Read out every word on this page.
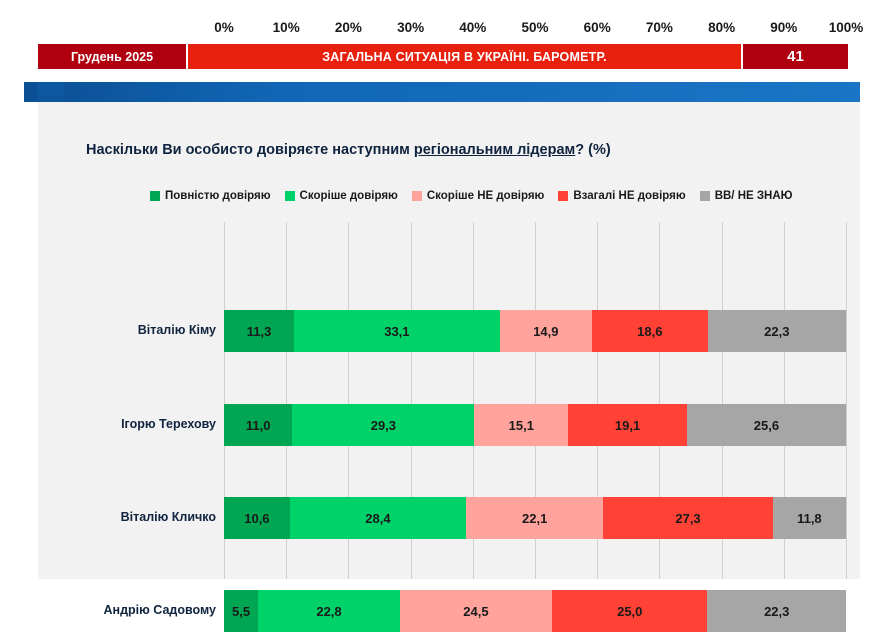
0%	10%	20%	30%	40%	50%	60%	70%	80%	90% 100%
Грудень 2025	ЗАГАЛЬНА СИТУАЦІЯ В УКРАЇНІ. БАРОМЕТР.	41
Наскільки Ви особисто довіряєте наступним регіональним лідерам? (%)
Повністю довіряю	Скоріше довіряю	Скоріше НЕ довіряю	Взагалі НЕ довіряю	ВВ/ НЕ ЗНАЮ
Віталію Кіму	11,3	33,1	14,9	18,6	22,3
Ігорю Терехову	11,0	29,3	15,1	19,1	25,6
Віталію Кличко	10,6	28,4	22,1	27,3	11,8
Андрію Садовому	5,5	22,8	24,5	25,0	22,3
